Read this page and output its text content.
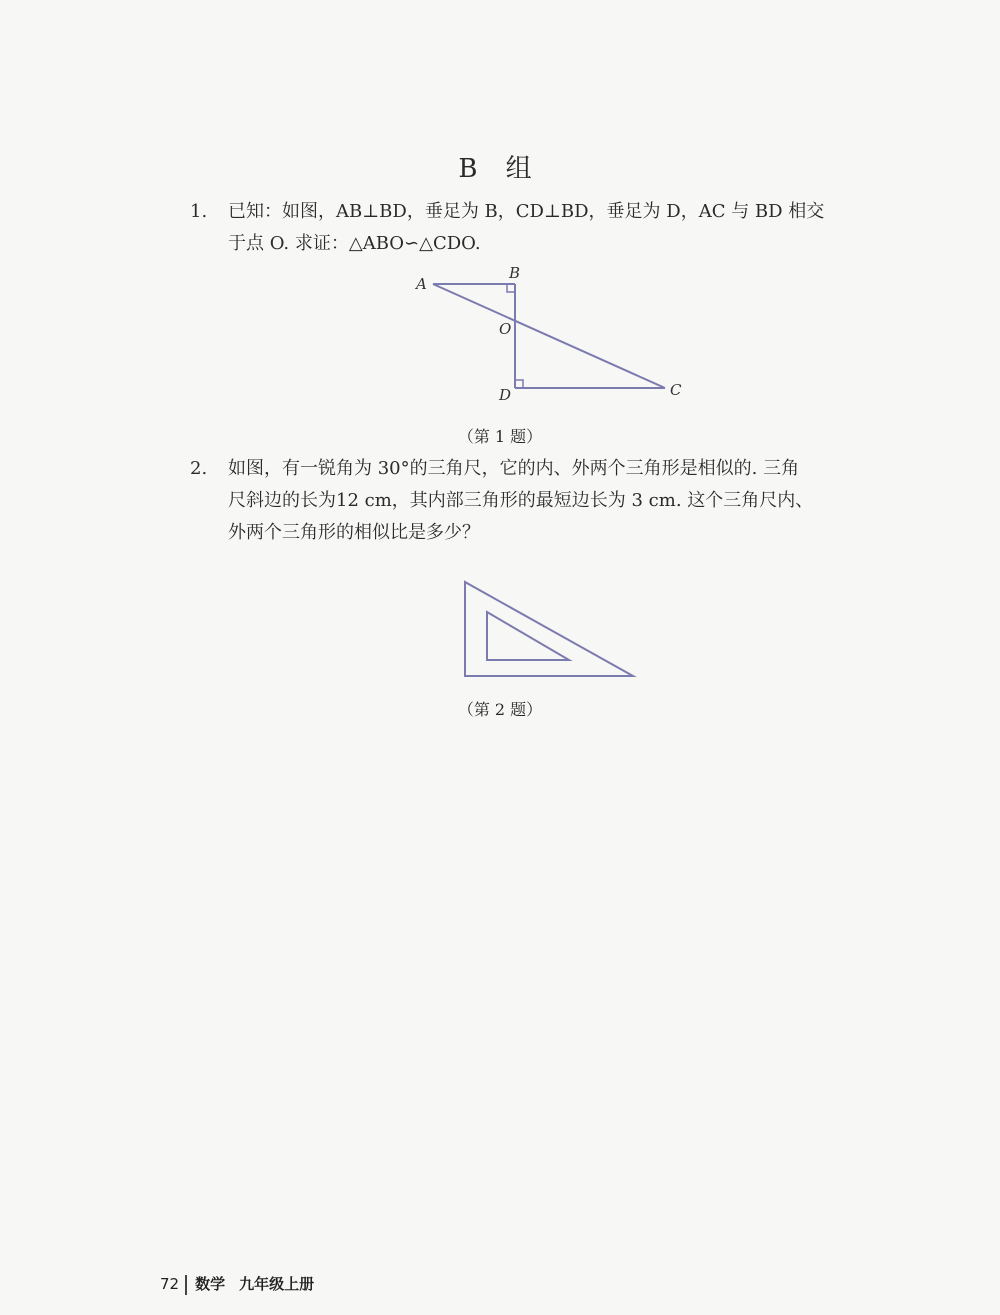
B 组
1. 已知：如图，AB⊥BD，垂足为 B，CD⊥BD，垂足为 D，AC 与 BD 相交
于点 O. 求证：△ABO∽△CDO.
A
B
O
D	C
（第 1 题）
2. 如图，有一锐角为 30°的三角尺，它的内、外两个三角形是相似的. 三角
尺斜边的长为12 cm，其内部三角形的最短边长为 3 cm. 这个三角尺内、
外两个三角形的相似比是多少？
（第 2 题）
72 数学 九年级上册
